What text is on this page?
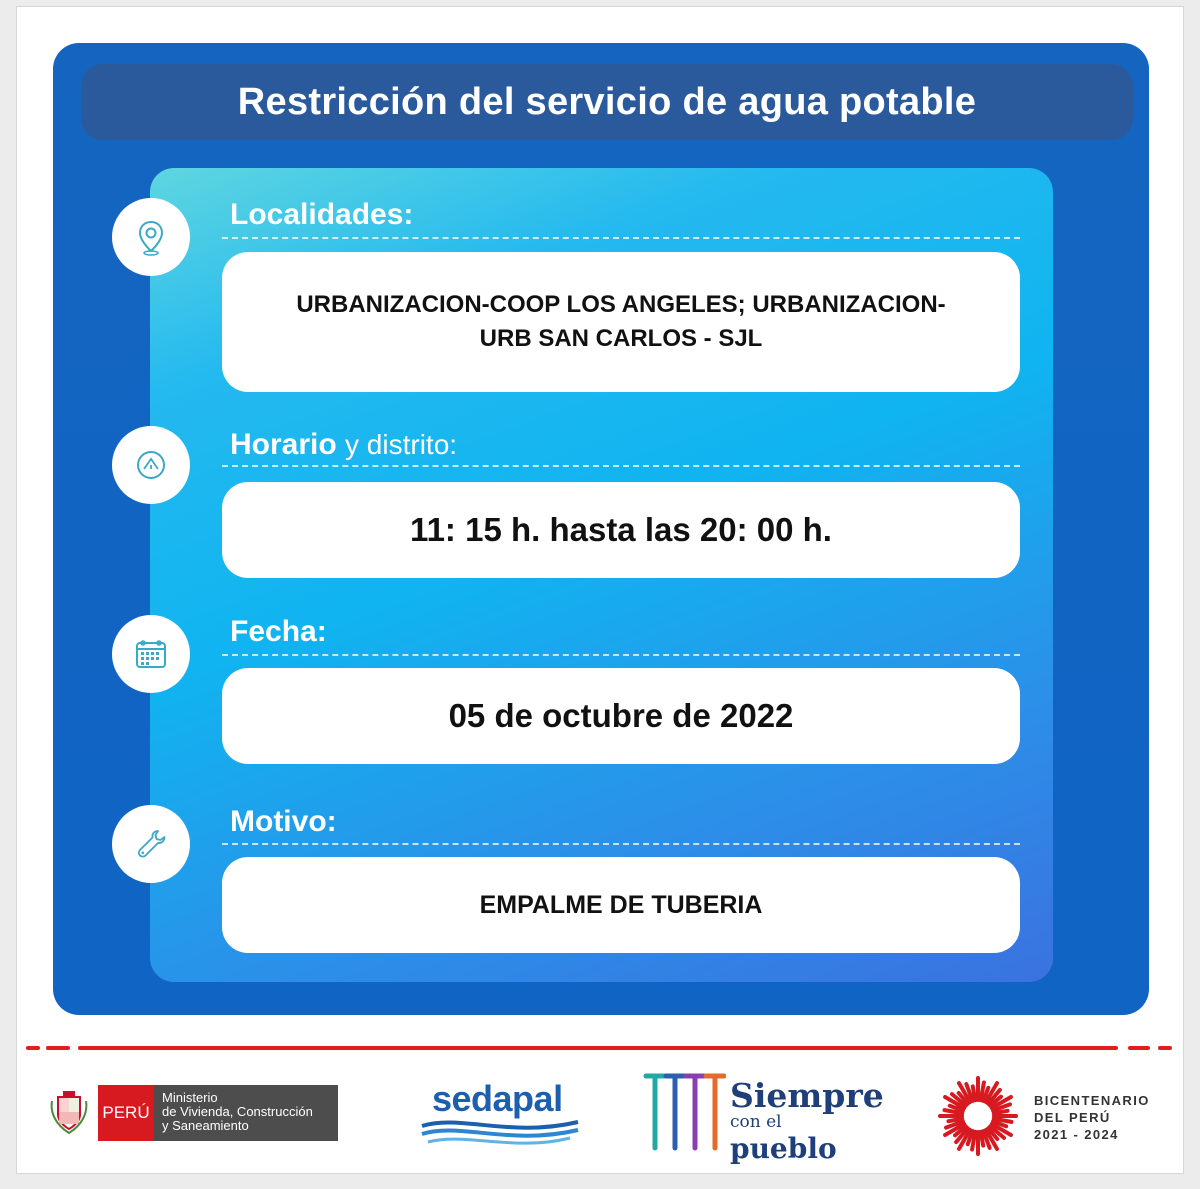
Restricción del servicio de agua potable
Localidades:
URBANIZACION-COOP LOS ANGELES; URBANIZACION-
URB SAN CARLOS - SJL
Horario y distrito:
11: 15 h. hasta las 20: 00 h.
Fecha:
05 de octubre de 2022
Motivo:
EMPALME DE TUBERIA
PERÚ
Ministerio
de Vivienda, Construcción
y Saneamiento
sedapal	Siempre
con el pueblo
BICENTENARIO
DEL PERÚ
2021 - 2024
